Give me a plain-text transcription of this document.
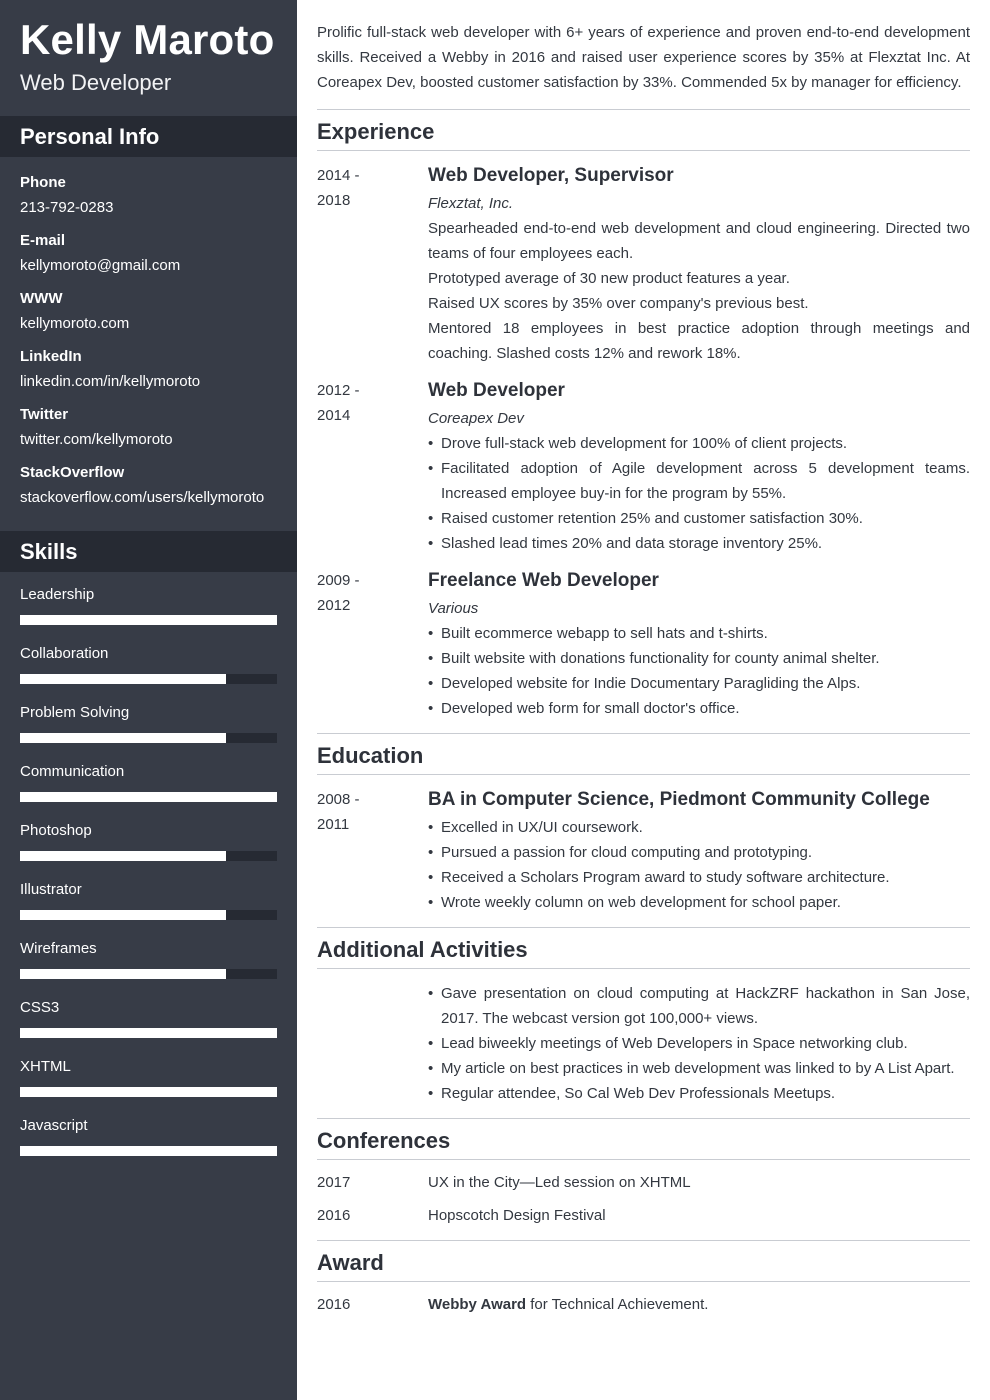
Kelly Maroto
Web Developer
Personal Info
Phone
213-792-0283
E-mail
kellymoroto@gmail.com
WWW
kellymoroto.com
LinkedIn
linkedin.com/in/kellymoroto
Twitter
twitter.com/kellymoroto
StackOverflow
stackoverflow.com/users/kellymoroto
Skills
Leadership
Collaboration
Problem Solving
Communication
Photoshop
Illustrator
Wireframes
CSS3
XHTML
Javascript

Prolific full-stack web developer with 6+ years of experience and proven end-to-end development skills. Received a Webby in 2016 and raised user experience scores by 35% at Flexztat Inc. At Coreapex Dev, boosted customer satisfaction by 33%. Commended 5x by manager for efficiency.

Experience
2014 -
2018
Web Developer, Supervisor
Flexztat, Inc.

Spearheaded end-to-end web development and cloud engineering. Directed two teams of four employees each.

Prototyped average of 30 new product features a year.

Raised UX scores by 35% over company's previous best.

Mentored 18 employees in best practice adoption through meetings and coaching. Slashed costs 12% and rework 18%.

2012 -
2014
Web Developer
Coreapex Dev
• Drove full-stack web development for 100% of client projects.
• Facilitated adoption of Agile development across 5 development teams. Increased employee buy-in for the program by 55%.
• Raised customer retention 25% and customer satisfaction 30%.
• Slashed lead times 20% and data storage inventory 25%.
2009 -
2012
Freelance Web Developer
Various
• Built ecommerce webapp to sell hats and t-shirts.
• Built website with donations functionality for county animal shelter.
• Developed website for Indie Documentary Paragliding the Alps.
• Developed web form for small doctor's office.
Education
2008 -
2011
BA in Computer Science, Piedmont Community College
• Excelled in UX/UI coursework.
• Pursued a passion for cloud computing and prototyping.
• Received a Scholars Program award to study software architecture.
• Wrote weekly column on web development for school paper.
Additional Activities
• Gave presentation on cloud computing at HackZRF hackathon in San Jose, 2017. The webcast version got 100,000+ views.
• Lead biweekly meetings of Web Developers in Space networking club.
• My article on best practices in web development was linked to by A List Apart.
• Regular attendee, So Cal Web Dev Professionals Meetups.
Conferences
2017	UX in the City—Led session on XHTML
2016	Hopscotch Design Festival
Award
2016	Webby Award for Technical Achievement.
